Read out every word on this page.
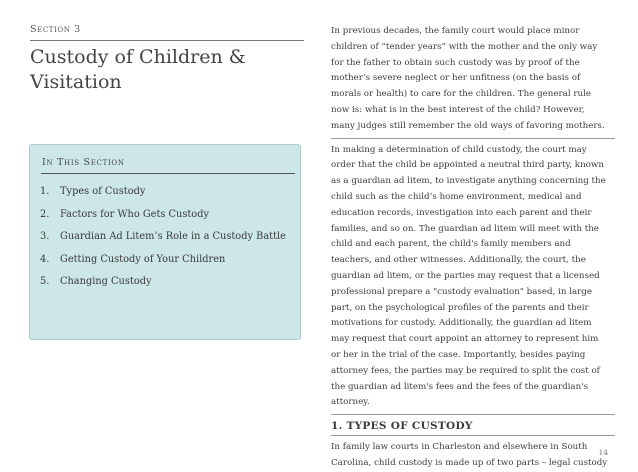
Section 3
Custody of Children &
Visitation
In This Section
1. Types of Custody
2. Factors for Who Gets Custody
3. Guardian Ad Litem’s Role in a Custody Battle
4. Getting Custody of Your Children
5. Changing Custody

In previous decades, the family court would place minor
children of “tender years” with the mother and the only way
for the father to obtain such custody was by proof of the
mother’s severe neglect or her unfitness (on the basis of
morals or health) to care for the children. The general rule
now is: what is in the best interest of the child? However,
many judges still remember the old ways of favoring mothers.

In making a determination of child custody, the court may
order that the child be appointed a neutral third party, known
as a guardian ad litem, to investigate anything concerning the
child such as the child’s home environment, medical and
education records, investigation into each parent and their
families, and so on. The guardian ad litem will meet with the
child and each parent, the child's family members and
teachers, and other witnesses. Additionally, the court, the
guardian ad litem, or the parties may request that a licensed
professional prepare a "custody evaluation" based, in large
part, on the psychological profiles of the parents and their
motivations for custody. Additionally, the guardian ad litem
may request that court appoint an attorney to represent him
or her in the trial of the case. Importantly, besides paying
attorney fees, the parties may be required to split the cost of
the guardian ad litem's fees and the fees of the guardian's
attorney.

1. TYPES OF CUSTODY

In family law courts in Charleston and elsewhere in South
Carolina, child custody is made up of two parts – legal custody

14
